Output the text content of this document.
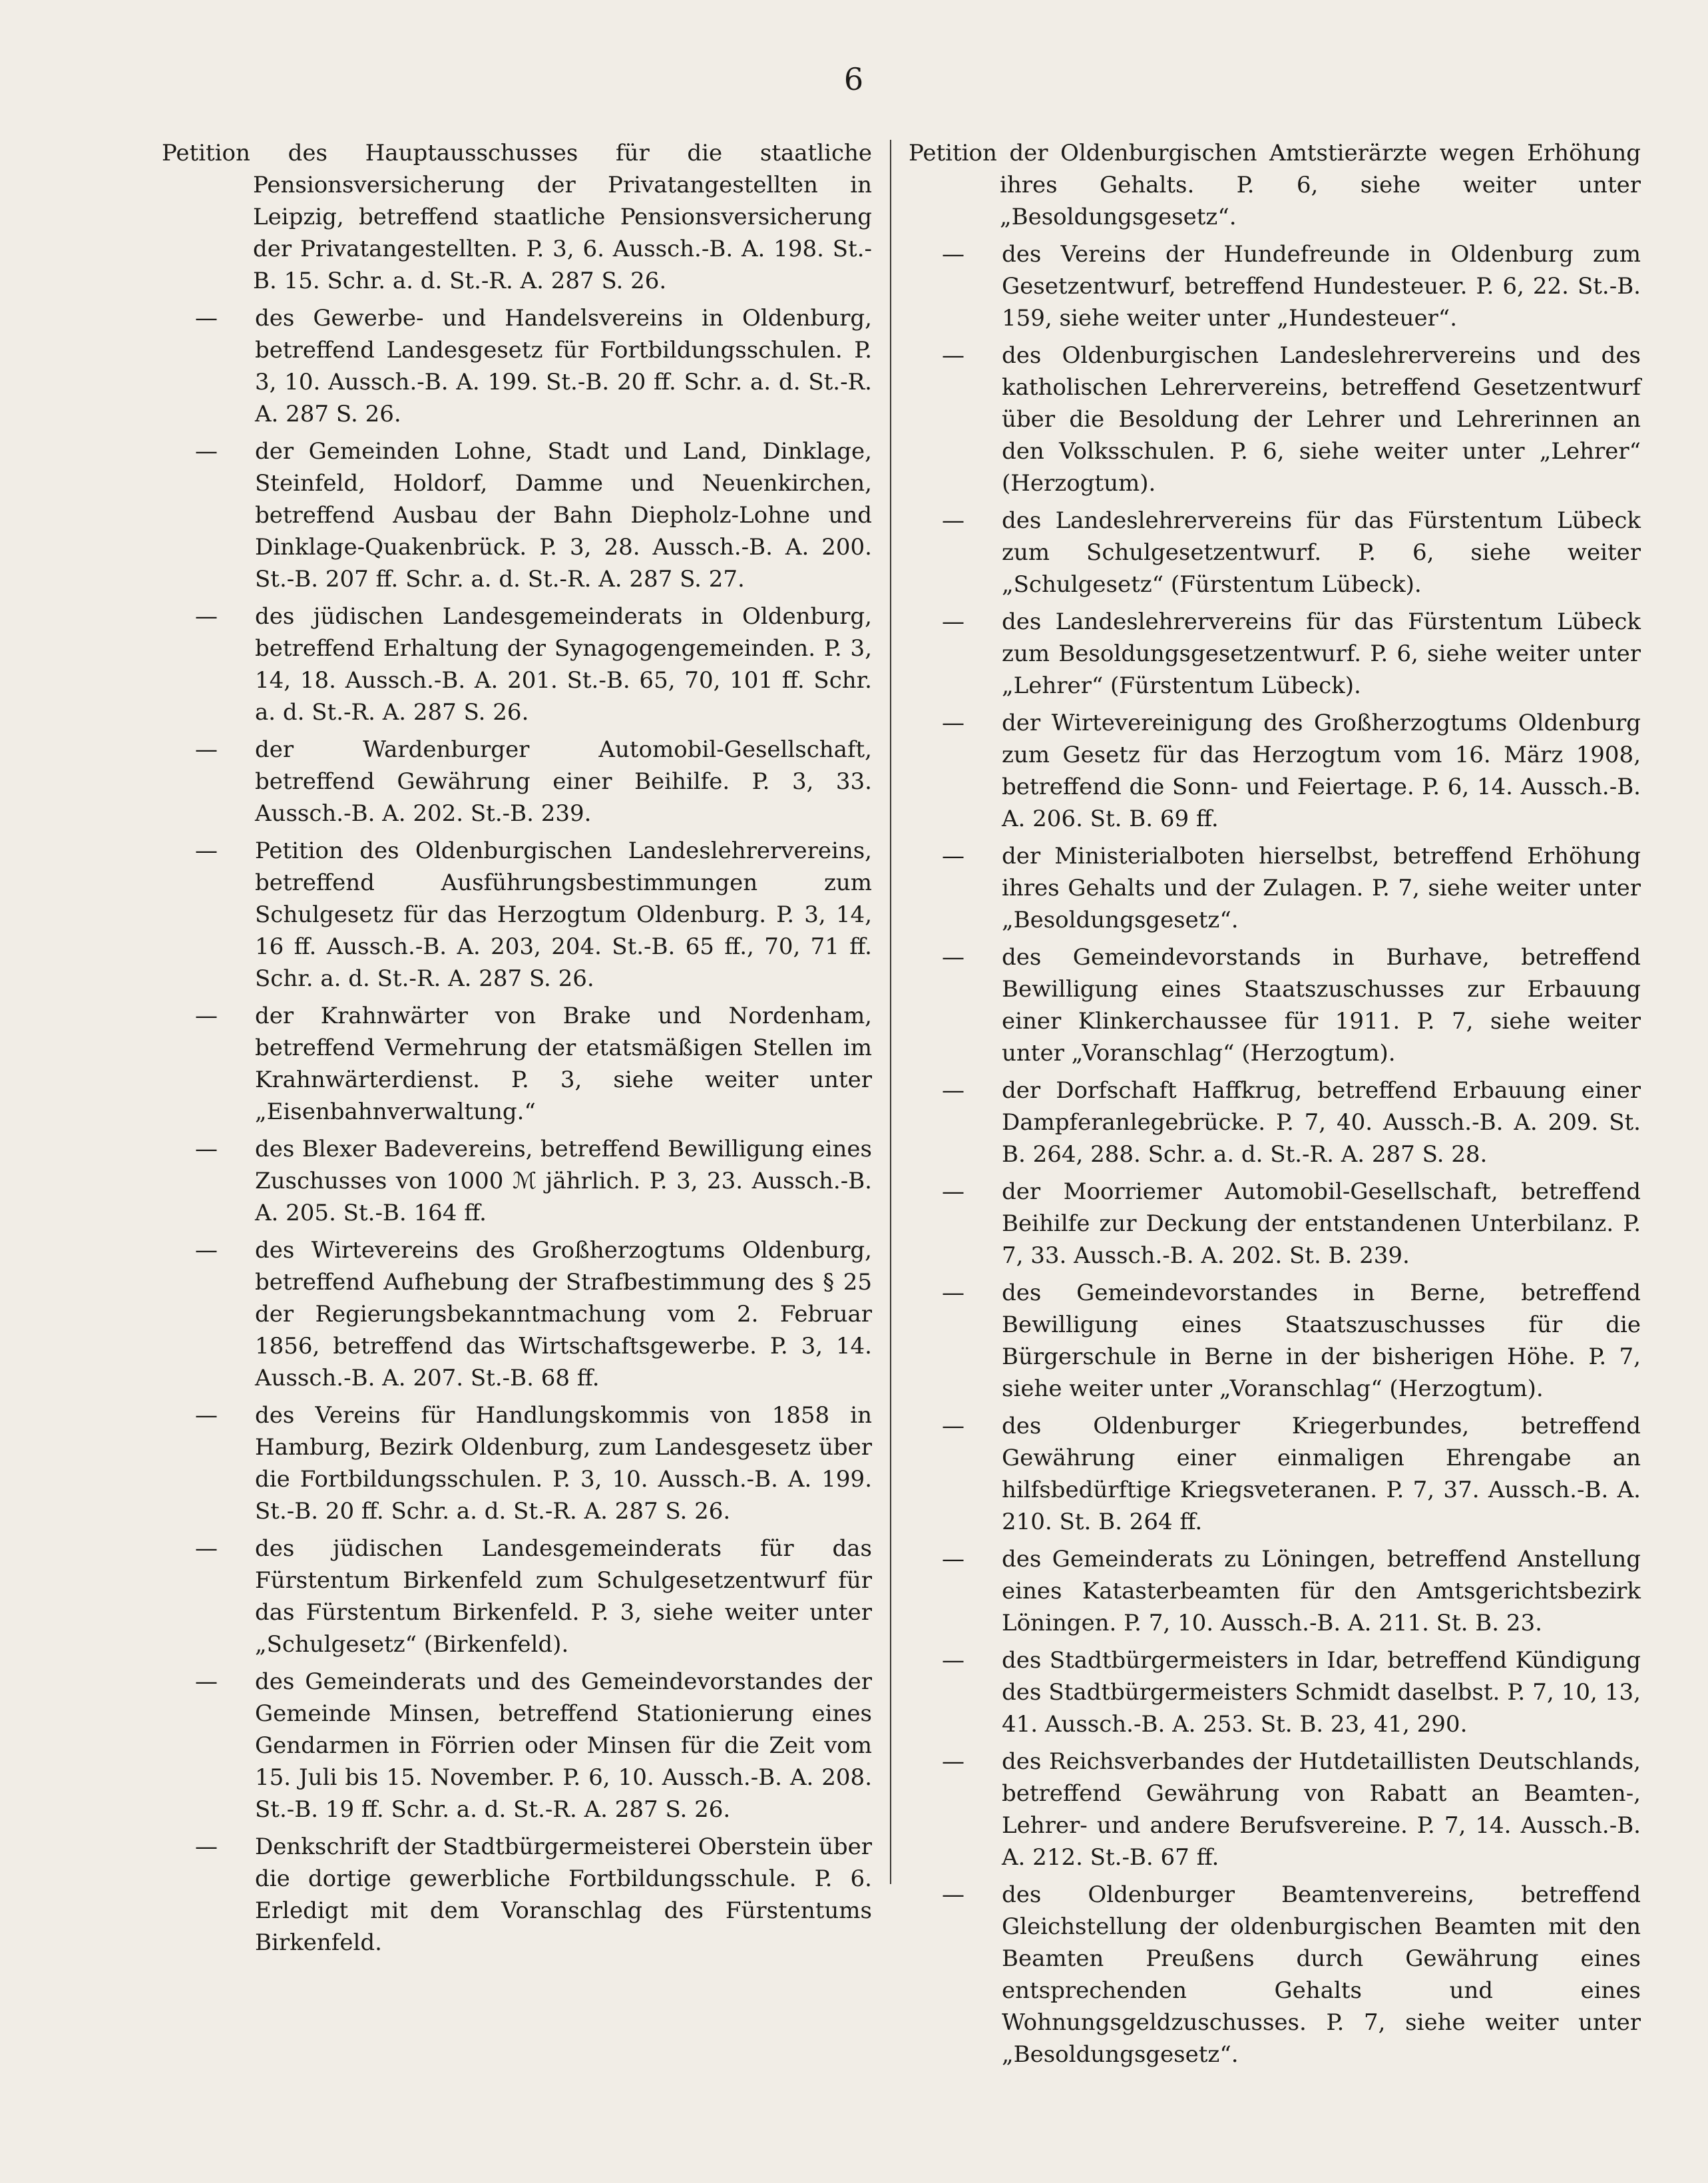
6
Petition des Hauptausschusses für die staatliche Pensionsversicherung der Privatangestellten in Leipzig, betreffend staatliche Pensionsversicherung der Privatangestellten. P. 3, 6. Aussch.-B. A. 198. St.-B. 15. Schr. a. d. St.-R. A. 287 S. 26.
— des Gewerbe- und Handelsvereins in Oldenburg, betreffend Landesgesetz für Fortbildungsschulen. P. 3, 10. Aussch.-B. A. 199. St.-B. 20 ff. Schr. a. d. St.-R. A. 287 S. 26.
— der Gemeinden Lohne, Stadt und Land, Dinklage, Steinfeld, Holdorf, Damme und Neuenkirchen, betreffend Ausbau der Bahn Diepholz-Lohne und Dinklage-Quakenbrück. P. 3, 28. Aussch.-B. A. 200. St.-B. 207 ff. Schr. a. d. St.-R. A. 287 S. 27.
— des jüdischen Landesgemeinderats in Oldenburg, betreffend Erhaltung der Synagogengemeinden. P. 3, 14, 18. Aussch.-B. A. 201. St.-B. 65, 70, 101 ff. Schr. a. d. St.-R. A. 287 S. 26.
— der Wardenburger Automobil-Gesellschaft, betreffend Gewährung einer Beihilfe. P. 3, 33. Aussch.-B. A. 202. St.-B. 239.
— Petition des Oldenburgischen Landeslehrervereins, betreffend Ausführungsbestimmungen zum Schulgesetz für das Herzogtum Oldenburg. P. 3, 14, 16 ff. Aussch.-B. A. 203, 204. St.-B. 65 ff., 70, 71 ff. Schr. a. d. St.-R. A. 287 S. 26.
— der Krahnwärter von Brake und Nordenham, betreffend Vermehrung der etatsmäßigen Stellen im Krahnwärterdienst. P. 3, siehe weiter unter „Eisenbahnverwaltung.“
— des Blexer Badevereins, betreffend Bewilligung eines Zuschusses von 1000 ℳ jährlich. P. 3, 23. Aussch.-B. A. 205. St.-B. 164 ff.
— des Wirtevereins des Großherzogtums Oldenburg, betreffend Aufhebung der Strafbestimmung des § 25 der Regierungsbekanntmachung vom 2. Februar 1856, betreffend das Wirtschaftsgewerbe. P. 3, 14. Aussch.-B. A. 207. St.-B. 68 ff.
— des Vereins für Handlungskommis von 1858 in Hamburg, Bezirk Oldenburg, zum Landesgesetz über die Fortbildungsschulen. P. 3, 10. Aussch.-B. A. 199. St.-B. 20 ff. Schr. a. d. St.-R. A. 287 S. 26.
— des jüdischen Landesgemeinderats für das Fürstentum Birkenfeld zum Schulgesetzentwurf für das Fürstentum Birkenfeld. P. 3, siehe weiter unter „Schulgesetz“ (Birkenfeld).
— des Gemeinderats und des Gemeindevorstandes der Gemeinde Minsen, betreffend Stationierung eines Gendarmen in Förrien oder Minsen für die Zeit vom 15. Juli bis 15. November. P. 6, 10. Aussch.-B. A. 208. St.-B. 19 ff. Schr. a. d. St.-R. A. 287 S. 26.
— Denkschrift der Stadtbürgermeisterei Oberstein über die dortige gewerbliche Fortbildungsschule. P. 6. Erledigt mit dem Voranschlag des Fürstentums Birkenfeld.
Petition der Oldenburgischen Amtstierärzte wegen Erhöhung ihres Gehalts. P. 6, siehe weiter unter „Besoldungsgesetz“.
— des Vereins der Hundefreunde in Oldenburg zum Gesetzentwurf, betreffend Hundesteuer. P. 6, 22. St.-B. 159, siehe weiter unter „Hundesteuer“.
— des Oldenburgischen Landeslehrervereins und des katholischen Lehrervereins, betreffend Gesetzentwurf über die Besoldung der Lehrer und Lehrerinnen an den Volksschulen. P. 6, siehe weiter unter „Lehrer“ (Herzogtum).
— des Landeslehrervereins für das Fürstentum Lübeck zum Schulgesetzentwurf. P. 6, siehe weiter „Schulgesetz“ (Fürstentum Lübeck).
— des Landeslehrervereins für das Fürstentum Lübeck zum Besoldungsgesetzentwurf. P. 6, siehe weiter unter „Lehrer“ (Fürstentum Lübeck).
— der Wirtevereinigung des Großherzogtums Oldenburg zum Gesetz für das Herzogtum vom 16. März 1908, betreffend die Sonn- und Feiertage. P. 6, 14. Aussch.-B. A. 206. St. B. 69 ff.
— der Ministerialboten hierselbst, betreffend Erhöhung ihres Gehalts und der Zulagen. P. 7, siehe weiter unter „Besoldungsgesetz“.
— des Gemeindevorstands in Burhave, betreffend Bewilligung eines Staatszuschusses zur Erbauung einer Klinkerchaussee für 1911. P. 7, siehe weiter unter „Voranschlag“ (Herzogtum).
— der Dorfschaft Haffkrug, betreffend Erbauung einer Dampferanlegebrücke. P. 7, 40. Aussch.-B. A. 209. St. B. 264, 288. Schr. a. d. St.-R. A. 287 S. 28.
— der Moorriemer Automobil-Gesellschaft, betreffend Beihilfe zur Deckung der entstandenen Unterbilanz. P. 7, 33. Aussch.-B. A. 202. St. B. 239.
— des Gemeindevorstandes in Berne, betreffend Bewilligung eines Staatszuschusses für die Bürgerschule in Berne in der bisherigen Höhe. P. 7, siehe weiter unter „Voranschlag“ (Herzogtum).
— des Oldenburger Kriegerbundes, betreffend Gewährung einer einmaligen Ehrengabe an hilfsbedürftige Kriegsveteranen. P. 7, 37. Aussch.-B. A. 210. St. B. 264 ff.
— des Gemeinderats zu Löningen, betreffend Anstellung eines Katasterbeamten für den Amtsgerichtsbezirk Löningen. P. 7, 10. Aussch.-B. A. 211. St. B. 23.
— des Stadtbürgermeisters in Idar, betreffend Kündigung des Stadtbürgermeisters Schmidt daselbst. P. 7, 10, 13, 41. Aussch.-B. A. 253. St. B. 23, 41, 290.
— des Reichsverbandes der Hutdetaillisten Deutschlands, betreffend Gewährung von Rabatt an Beamten-, Lehrer- und andere Berufsvereine. P. 7, 14. Aussch.-B. A. 212. St.-B. 67 ff.
— des Oldenburger Beamtenvereins, betreffend Gleichstellung der oldenburgischen Beamten mit den Beamten Preußens durch Gewährung eines entsprechenden Gehalts und eines Wohnungsgeldzuschusses. P. 7, siehe weiter unter „Besoldungsgesetz“.
